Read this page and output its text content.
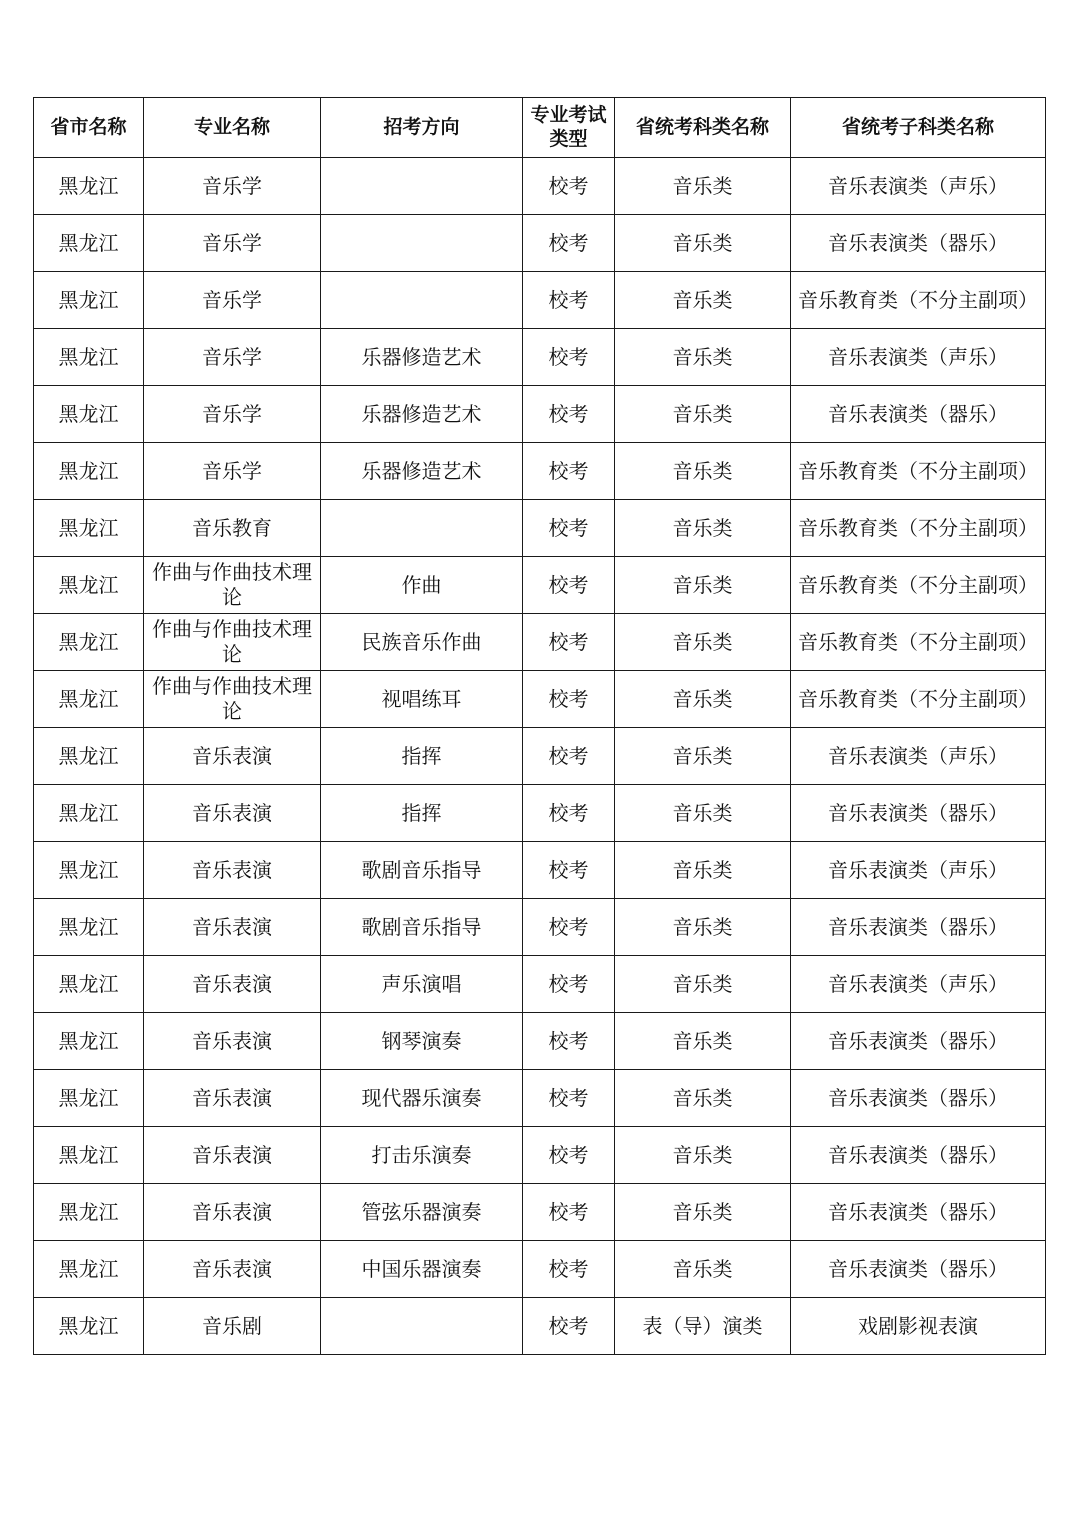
省市名称	专业名称	招考方向	专业考试类型	省统考科类名称	省统考子科类名称
黑龙江	音乐学		校考	音乐类	音乐表演类（声乐）
黑龙江	音乐学		校考	音乐类	音乐表演类（器乐）
黑龙江	音乐学		校考	音乐类	音乐教育类（不分主副项）
黑龙江	音乐学	乐器修造艺术	校考	音乐类	音乐表演类（声乐）
黑龙江	音乐学	乐器修造艺术	校考	音乐类	音乐表演类（器乐）
黑龙江	音乐学	乐器修造艺术	校考	音乐类	音乐教育类（不分主副项）
黑龙江	音乐教育		校考	音乐类	音乐教育类（不分主副项）
黑龙江	作曲与作曲技术理论	作曲	校考	音乐类	音乐教育类（不分主副项）
黑龙江	作曲与作曲技术理论	民族音乐作曲	校考	音乐类	音乐教育类（不分主副项）
黑龙江	作曲与作曲技术理论	视唱练耳	校考	音乐类	音乐教育类（不分主副项）
黑龙江	音乐表演	指挥	校考	音乐类	音乐表演类（声乐）
黑龙江	音乐表演	指挥	校考	音乐类	音乐表演类（器乐）
黑龙江	音乐表演	歌剧音乐指导	校考	音乐类	音乐表演类（声乐）
黑龙江	音乐表演	歌剧音乐指导	校考	音乐类	音乐表演类（器乐）
黑龙江	音乐表演	声乐演唱	校考	音乐类	音乐表演类（声乐）
黑龙江	音乐表演	钢琴演奏	校考	音乐类	音乐表演类（器乐）
黑龙江	音乐表演	现代器乐演奏	校考	音乐类	音乐表演类（器乐）
黑龙江	音乐表演	打击乐演奏	校考	音乐类	音乐表演类（器乐）
黑龙江	音乐表演	管弦乐器演奏	校考	音乐类	音乐表演类（器乐）
黑龙江	音乐表演	中国乐器演奏	校考	音乐类	音乐表演类（器乐）
黑龙江	音乐剧		校考	表（导）演类	戏剧影视表演
